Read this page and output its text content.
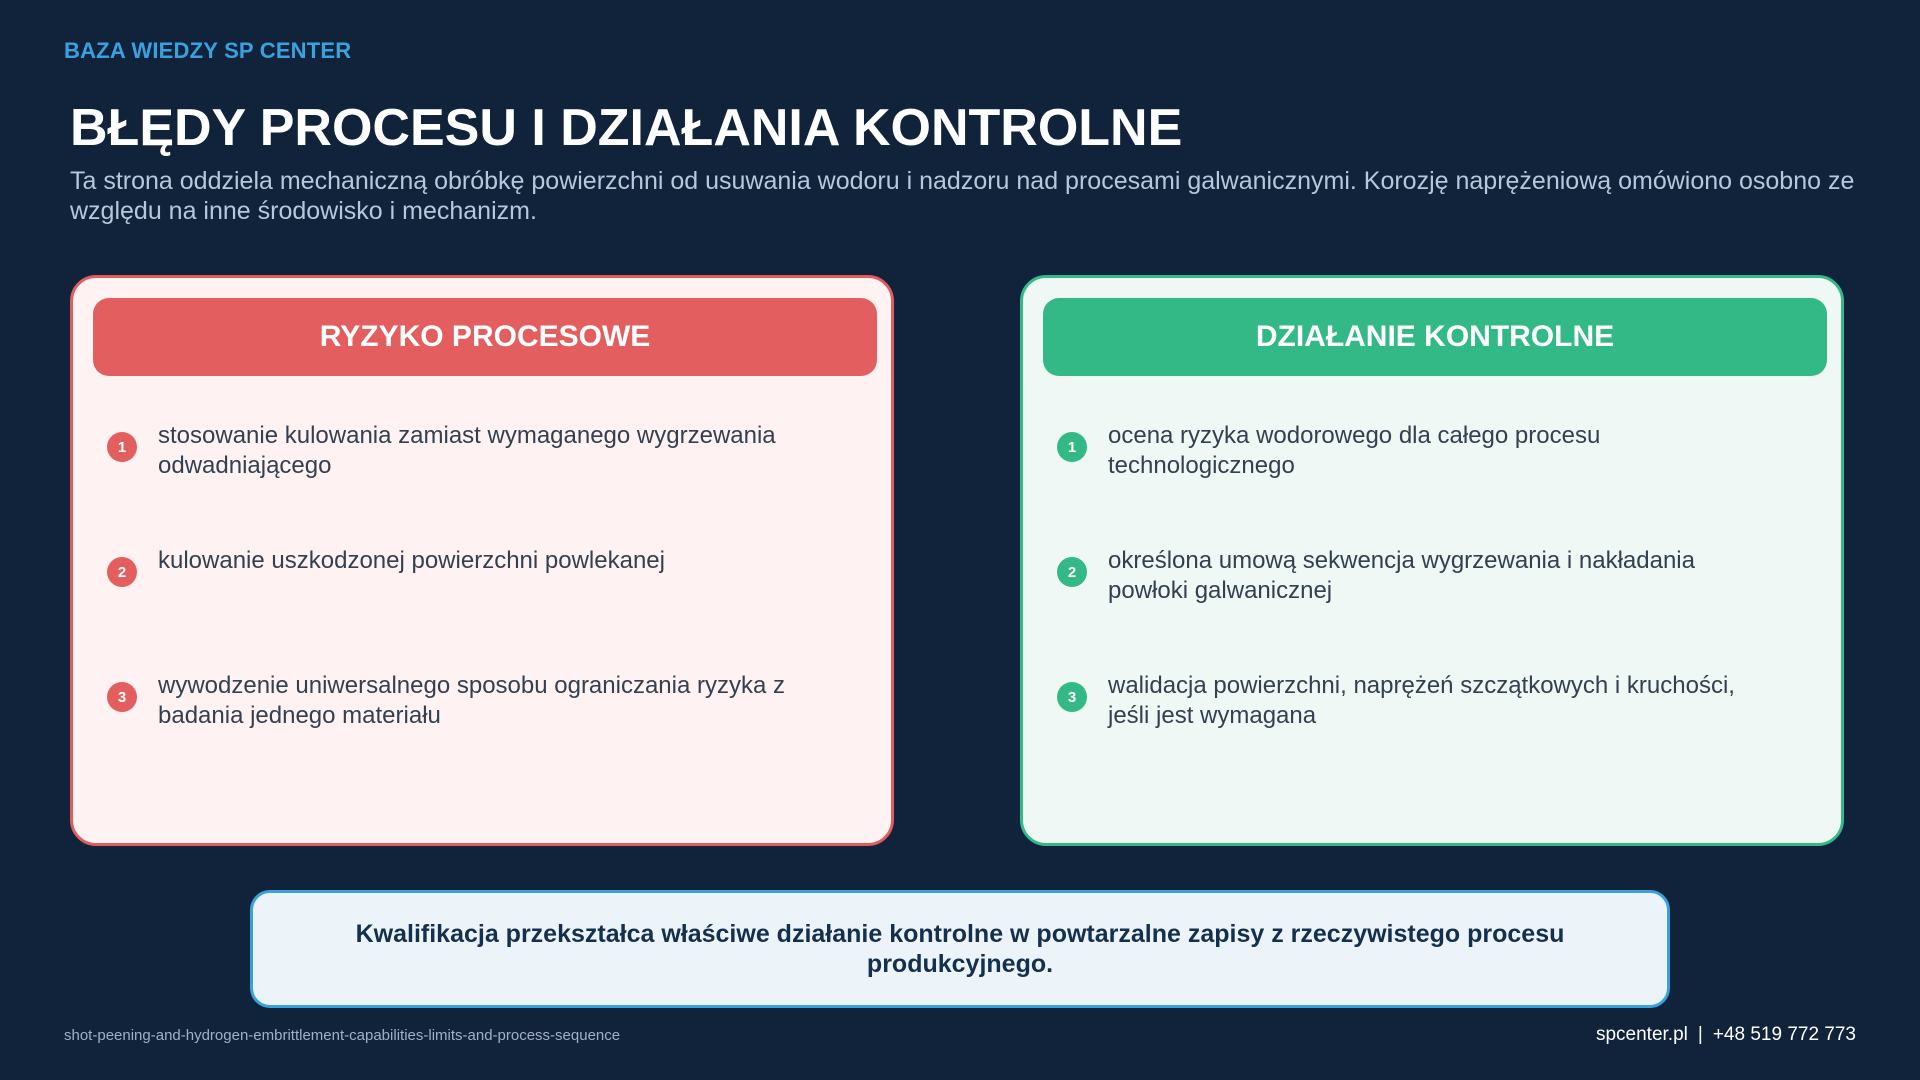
BAZA WIEDZY SP CENTER
BŁĘDY PROCESU I DZIAŁANIA KONTROLNE

Ta strona oddziela mechaniczną obróbkę powierzchni od usuwania wodoru i nadzoru nad procesami galwanicznymi. Korozję naprężeniową omówiono osobno ze względu na inne środowisko i mechanizm.

RYZYKO PROCESOWE
1	stosowanie kulowania zamiast wymaganego wygrzewania odwadniającego
2	kulowanie uszkodzonej powierzchni powlekanej
3	wywodzenie uniwersalnego sposobu ograniczania ryzyka z badania jednego materiału
DZIAŁANIE KONTROLNE
1	ocena ryzyka wodorowego dla całego procesu technologicznego
2	określona umową sekwencja wygrzewania i nakładania powłoki galwanicznej
3	walidacja powierzchni, naprężeń szczątkowych i kruchości, jeśli jest wymagana
Kwalifikacja przekształca właściwe działanie kontrolne w powtarzalne zapisy z rzeczywistego procesu produkcyjnego.
shot-peening-and-hydrogen-embrittlement-capabilities-limits-and-process-sequence	spcenter.pl | +48 519 772 773
